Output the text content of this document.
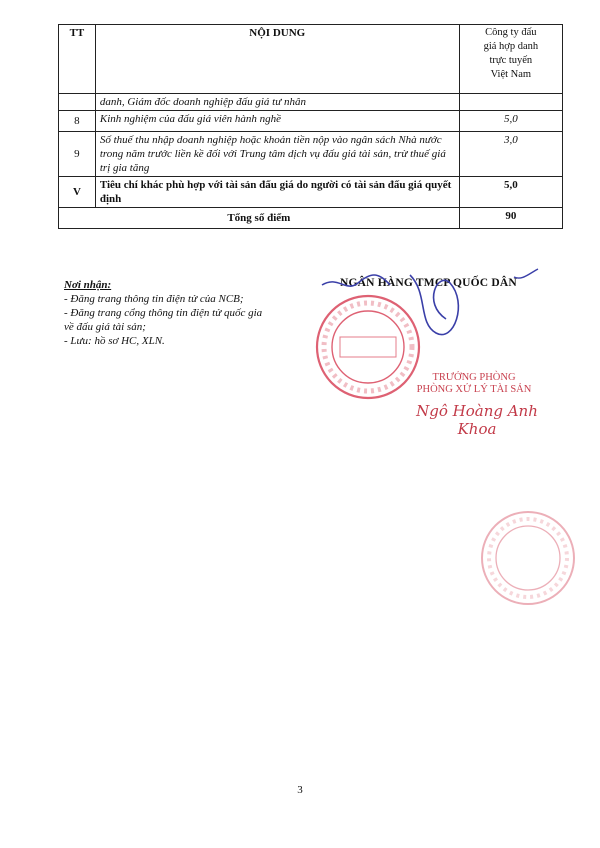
TT	NỘI DUNG	Công ty đấu
giá hợp danh
trực tuyến
Việt Nam

	danh, Giám đốc doanh nghiệp đấu giá tư nhân	
8	Kinh nghiệm của đấu giá viên hành nghề	5,0
9	Số thuế thu nhập doanh nghiệp hoặc khoản tiền nộp vào ngân sách Nhà nước trong năm trước liền kề đối với Trung tâm dịch vụ đấu giá tài sản, trừ thuế giá trị gia tăng	3,0
V	Tiêu chí khác phù hợp với tài sản đấu giá do người có tài sản đấu giá quyết định	5,0
Tổng số điểm		90
Nơi nhận:
- Đăng trang thông tin điện tử của NCB;
- Đăng trang cổng thông tin điện tử quốc gia về đấu giá tài sản;
- Lưu: hồ sơ HC, XLN.
NGÂN HÀNG TMCP QUỐC DÂN
TRƯỞNG PHÒNG
PHÒNG XỬ LÝ TÀI SẢN
Ngô Hoàng Anh Khoa
3
